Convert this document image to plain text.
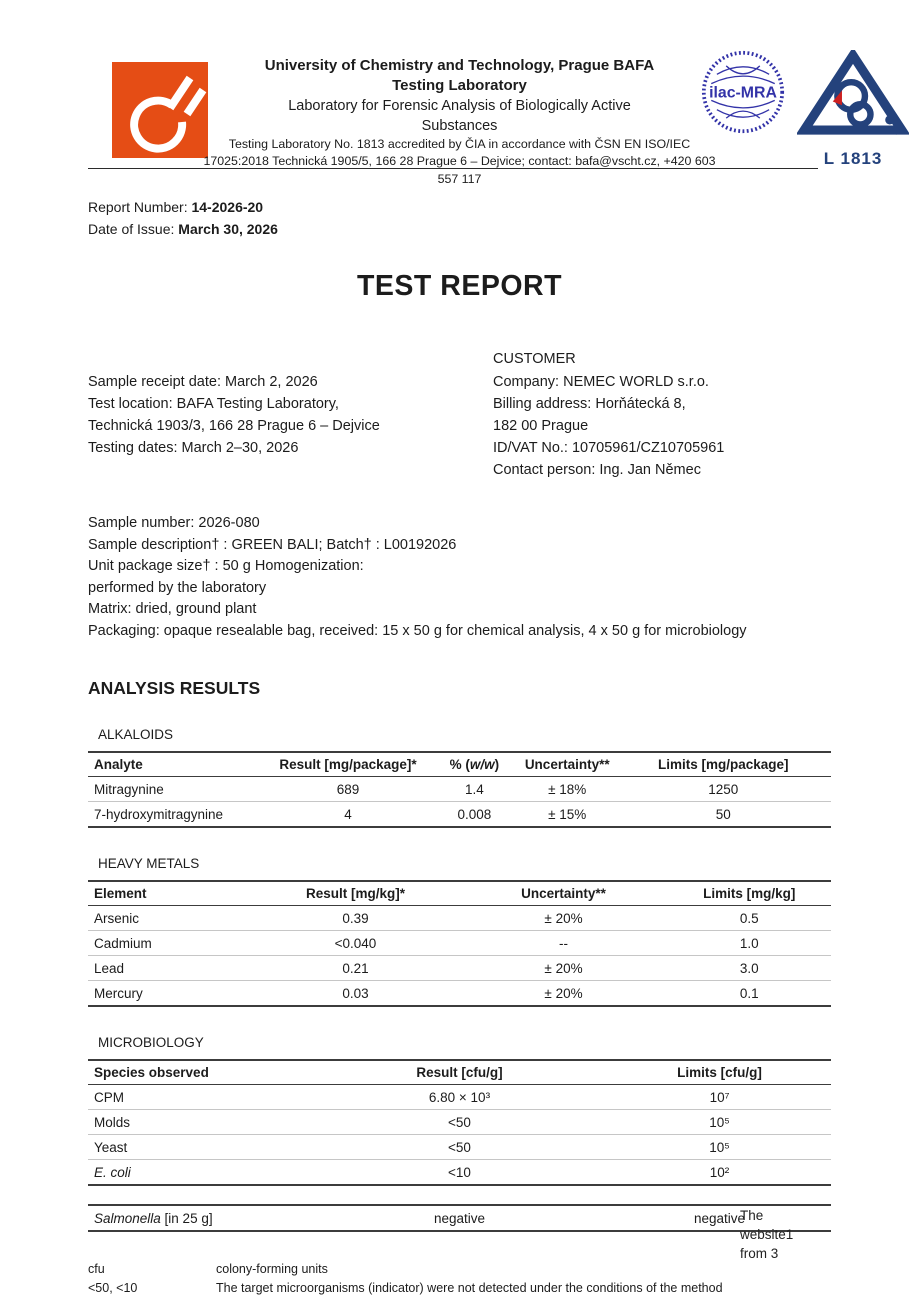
ilac-MRA
L 1813
University of Chemistry and Technology, Prague BAFA
Testing Laboratory
Laboratory for Forensic Analysis of Biologically Active
Substances
Testing Laboratory No. 1813 accredited by ČIA in accordance with ČSN EN ISO/IEC
17025:2018 Technická 1905/5, 166 28 Prague 6 – Dejvice; contact: bafa@vscht.cz, +420 603
557 117
Report Number: 14-2026-20
Date of Issue: March 30, 2026
TEST REPORT
Sample receipt date: March 2, 2026
Test location: BAFA Testing Laboratory,
Technická 1903/3, 166 28 Prague 6 – Dejvice
Testing dates: March 2–30, 2026
CUSTOMER
Company: NEMEC WORLD s.r.o.
Billing address: Horňátecká 8,
182 00 Prague
ID/VAT No.: 10705961/CZ10705961
Contact person: Ing. Jan Němec
Sample number: 2026-080
Sample description† : GREEN BALI; Batch† : L00192026
Unit package size† : 50 g Homogenization:
performed by the laboratory
Matrix: dried, ground plant
Packaging: opaque resealable bag, received: 15 x 50 g for chemical analysis, 4 x 50 g for microbiology
ANALYSIS RESULTS
ALKALOIDS
Analyte	Result [mg/package]*	% (w/w)	Uncertainty**	Limits [mg/package]
Mitragynine	689	1.4	± 18%	1250
7-hydroxymitragynine	4	0.008	± 15%	50
HEAVY METALS
Element	Result [mg/kg]*	Uncertainty**	Limits [mg/kg]
Arsenic	0.39	± 20%	0.5
Cadmium	<0.040	--	1.0
Lead	0.21	± 20%	3.0
Mercury	0.03	± 20%	0.1
MICROBIOLOGY
Species observed	Result [cfu/g]	Limits [cfu/g]
CPM	6.80 × 10³	10⁷
Molds	<50	10⁵
Yeast	<50	10⁵
E. coli	<10	10²
Salmonella [in 25 g]	negative	negative
cfu	colony-forming units
<50, <10	The target microorganisms (indicator) were not detected under the conditions of the method
The
website1
from 3
